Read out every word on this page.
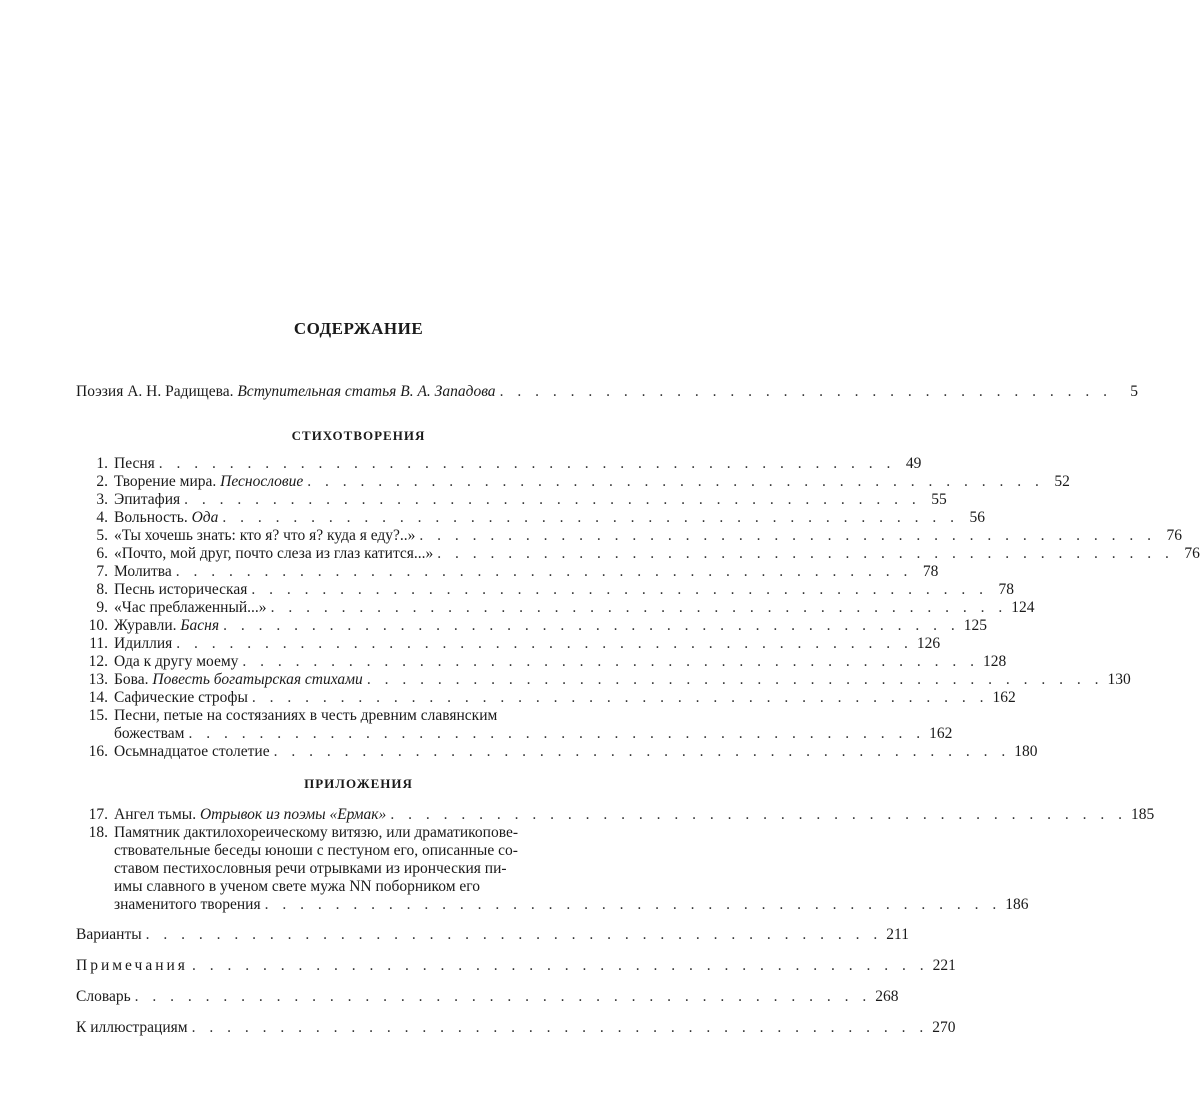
СОДЕРЖАНИЕ
Поэзия А. Н. Радищева. Вступительная статья В. А. Западова . . . . . . . . . . . . . . . . . . . . . . . . . . . . . . . . . . .	5
СТИХОТВОРЕНИЯ
1. Песня . . . . . . . . . . . . . . . . . . . . . . . . . . . . . . . . . . . . . . . . . . 49
2. Творение мира. Песнословие . . . . . . . . . . . . . . . . . . . . . . . . . . . . . . . . . . . . . . . . . . 52
3. Эпитафия . . . . . . . . . . . . . . . . . . . . . . . . . . . . . . . . . . . . . . . . . . 55
4. Вольность. Ода . . . . . . . . . . . . . . . . . . . . . . . . . . . . . . . . . . . . . . . . . . 56
5. «Ты хочешь знать: кто я? что я? куда я еду?..» . . . . . . . . . . . . . . . . . . . . . . . . . . . . . . . . . . . . . . . . . . 76
6. «Почто, мой друг, почто слеза из глаз катится...» . . . . . . . . . . . . . . . . . . . . . . . . . . . . . . . . . . . . . . . . . . 76
7. Молитва . . . . . . . . . . . . . . . . . . . . . . . . . . . . . . . . . . . . . . . . . . 78
8. Песнь историческая . . . . . . . . . . . . . . . . . . . . . . . . . . . . . . . . . . . . . . . . . . 78
9. «Час преблаженный...» . . . . . . . . . . . . . . . . . . . . . . . . . . . . . . . . . . . . . . . . . . 124
10. Журавли. Басня . . . . . . . . . . . . . . . . . . . . . . . . . . . . . . . . . . . . . . . . . . 125
11. Идиллия . . . . . . . . . . . . . . . . . . . . . . . . . . . . . . . . . . . . . . . . . . 126
12. Ода к другу моему . . . . . . . . . . . . . . . . . . . . . . . . . . . . . . . . . . . . . . . . . . 128
13. Бова. Повесть богатырская стихами . . . . . . . . . . . . . . . . . . . . . . . . . . . . . . . . . . . . . . . . . . 130
14. Сафические строфы . . . . . . . . . . . . . . . . . . . . . . . . . . . . . . . . . . . . . . . . . . 162
15. Песни, петые на состязаниях в честь древним славянским
божествам . . . . . . . . . . . . . . . . . . . . . . . . . . . . . . . . . . . . . . . . . . 162
16. Осьмнадцатое столетие . . . . . . . . . . . . . . . . . . . . . . . . . . . . . . . . . . . . . . . . . . 180
ПРИЛОЖЕНИЯ
17. Ангел тьмы. Отрывок из поэмы «Ермак» . . . . . . . . . . . . . . . . . . . . . . . . . . . . . . . . . . . . . . . . . . 185
18. Памятник дактилохореическому витязю, или драматикопове-
ствовательные беседы юноши с пестуном его, описанные со-
ставом пестихословныя речи отрывками из иронческия пи-
имы славного в ученом свете мужа NN поборником его
знаменитого творения . . . . . . . . . . . . . . . . . . . . . . . . . . . . . . . . . . . . . . . . . . 186
Варианты . . . . . . . . . . . . . . . . . . . . . . . . . . . . . . . . . . . . . . . . . . 211
Примечания . . . . . . . . . . . . . . . . . . . . . . . . . . . . . . . . . . . . . . . . . . 221
Словарь . . . . . . . . . . . . . . . . . . . . . . . . . . . . . . . . . . . . . . . . . . 268
К иллюстрациям . . . . . . . . . . . . . . . . . . . . . . . . . . . . . . . . . . . . . . . . . . 270
